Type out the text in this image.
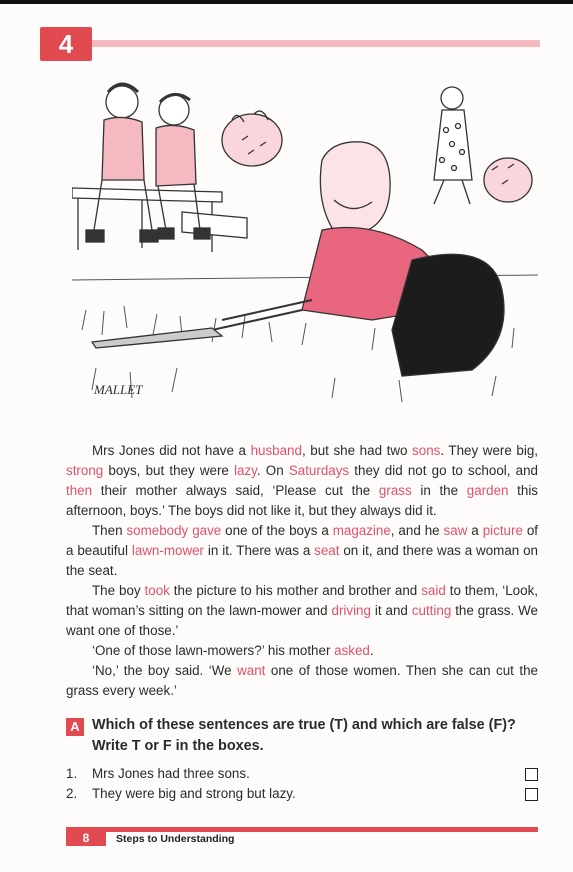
4
MALLET

Mrs Jones did not have a husband, but she had two sons. They were big, strong boys, but they were lazy. On Saturdays they did not go to school, and then their mother always said, ‘Please cut the grass in the garden this afternoon, boys.’ The boys did not like it, but they always did it.

Then somebody gave one of the boys a magazine, and he saw a picture of a beautiful lawn-mower in it. There was a seat on it, and there was a woman on the seat.

The boy took the picture to his mother and brother and said to them, ‘Look, that woman’s sitting on the lawn-mower and driving it and cutting the grass. We want one of those.’

‘One of those lawn-mowers?’ his mother asked.

‘No,’ the boy said. ‘We want one of those women. Then she can cut the grass every week.’

A Which of these sentences are true (T) and which are false (F)? Write T or F in the boxes.
1. Mrs Jones had three sons.
2. They were big and strong but lazy.
8	Steps to Understanding
